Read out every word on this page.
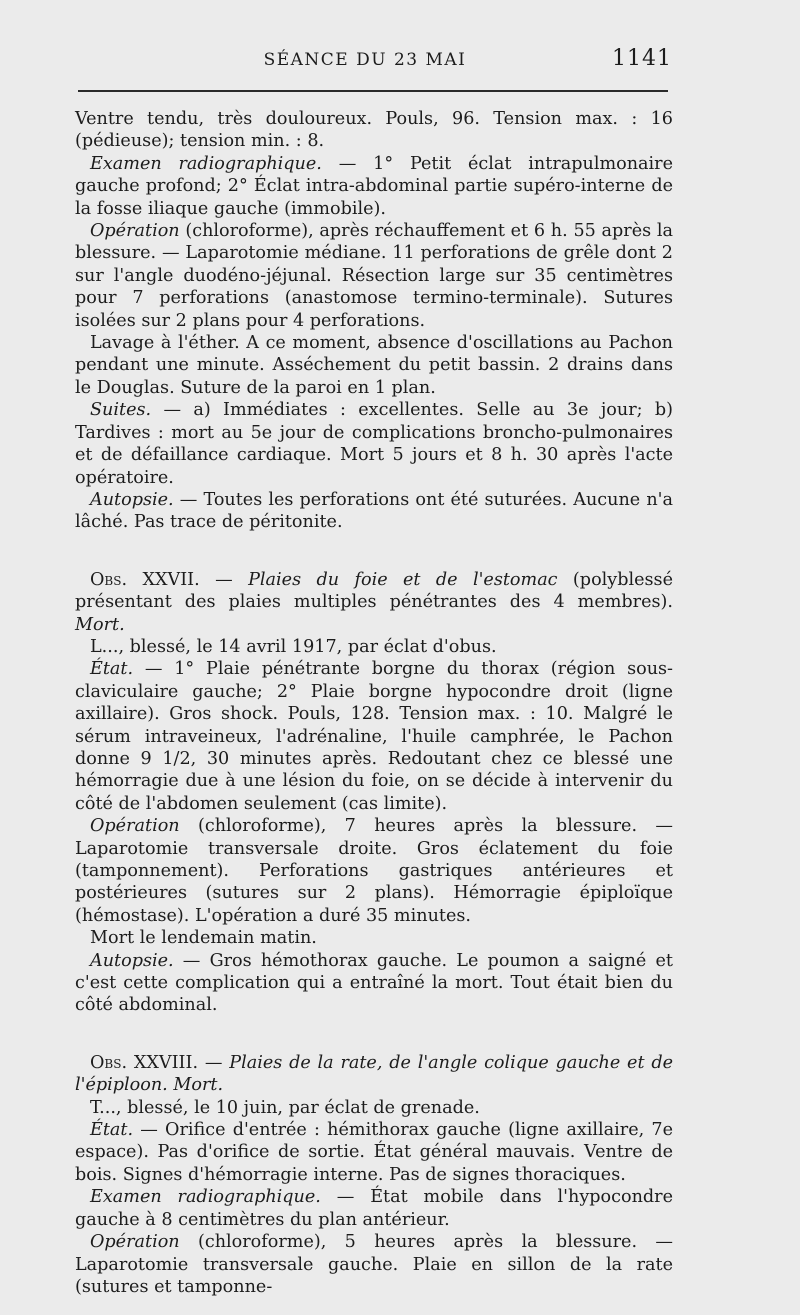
SÉANCE DU 23 MAI	1141

Ventre tendu, très douloureux. Pouls, 96. Tension max. : 16 (pédieuse); tension min. : 8.

Examen radiographique. — 1° Petit éclat intrapulmonaire gauche profond; 2° Éclat intra-abdominal partie supéro-interne de la fosse iliaque gauche (immobile).

Opération (chloroforme), après réchauffement et 6 h. 55 après la blessure. — Laparotomie médiane. 11 perforations de grêle dont 2 sur l'angle duodéno-jéjunal. Résection large sur 35 centimètres pour 7 perforations (anastomose termino-terminale). Sutures isolées sur 2 plans pour 4 perforations.

Lavage à l'éther. A ce moment, absence d'oscillations au Pachon pendant une minute. Asséchement du petit bassin. 2 drains dans le Douglas. Suture de la paroi en 1 plan.

Suites. — a) Immédiates : excellentes. Selle au 3e jour; b) Tardives : mort au 5e jour de complications broncho-pulmonaires et de défaillance cardiaque. Mort 5 jours et 8 h. 30 après l'acte opératoire.

Autopsie. — Toutes les perforations ont été suturées. Aucune n'a lâché. Pas trace de péritonite.

Obs. XXVII. — Plaies du foie et de l'estomac (polyblessé présentant des plaies multiples pénétrantes des 4 membres). Mort.

L..., blessé, le 14 avril 1917, par éclat d'obus.

État. — 1° Plaie pénétrante borgne du thorax (région sous-claviculaire gauche; 2° Plaie borgne hypocondre droit (ligne axillaire). Gros shock. Pouls, 128. Tension max. : 10. Malgré le sérum intraveineux, l'adrénaline, l'huile camphrée, le Pachon donne 9 1/2, 30 minutes après. Redoutant chez ce blessé une hémorragie due à une lésion du foie, on se décide à intervenir du côté de l'abdomen seulement (cas limite).

Opération (chloroforme), 7 heures après la blessure. — Laparotomie transversale droite. Gros éclatement du foie (tamponnement). Perforations gastriques antérieures et postérieures (sutures sur 2 plans). Hémorragie épiploïque (hémostase). L'opération a duré 35 minutes.

Mort le lendemain matin.

Autopsie. — Gros hémothorax gauche. Le poumon a saigné et c'est cette complication qui a entraîné la mort. Tout était bien du côté abdominal.

Obs. XXVIII. — Plaies de la rate, de l'angle colique gauche et de l'épiploon. Mort.

T..., blessé, le 10 juin, par éclat de grenade.

État. — Orifice d'entrée : hémithorax gauche (ligne axillaire, 7e espace). Pas d'orifice de sortie. État général mauvais. Ventre de bois. Signes d'hémorragie interne. Pas de signes thoraciques.

Examen radiographique. — État mobile dans l'hypocondre gauche à 8 centimètres du plan antérieur.

Opération (chloroforme), 5 heures après la blessure. — Laparotomie transversale gauche. Plaie en sillon de la rate (sutures et tamponne-
